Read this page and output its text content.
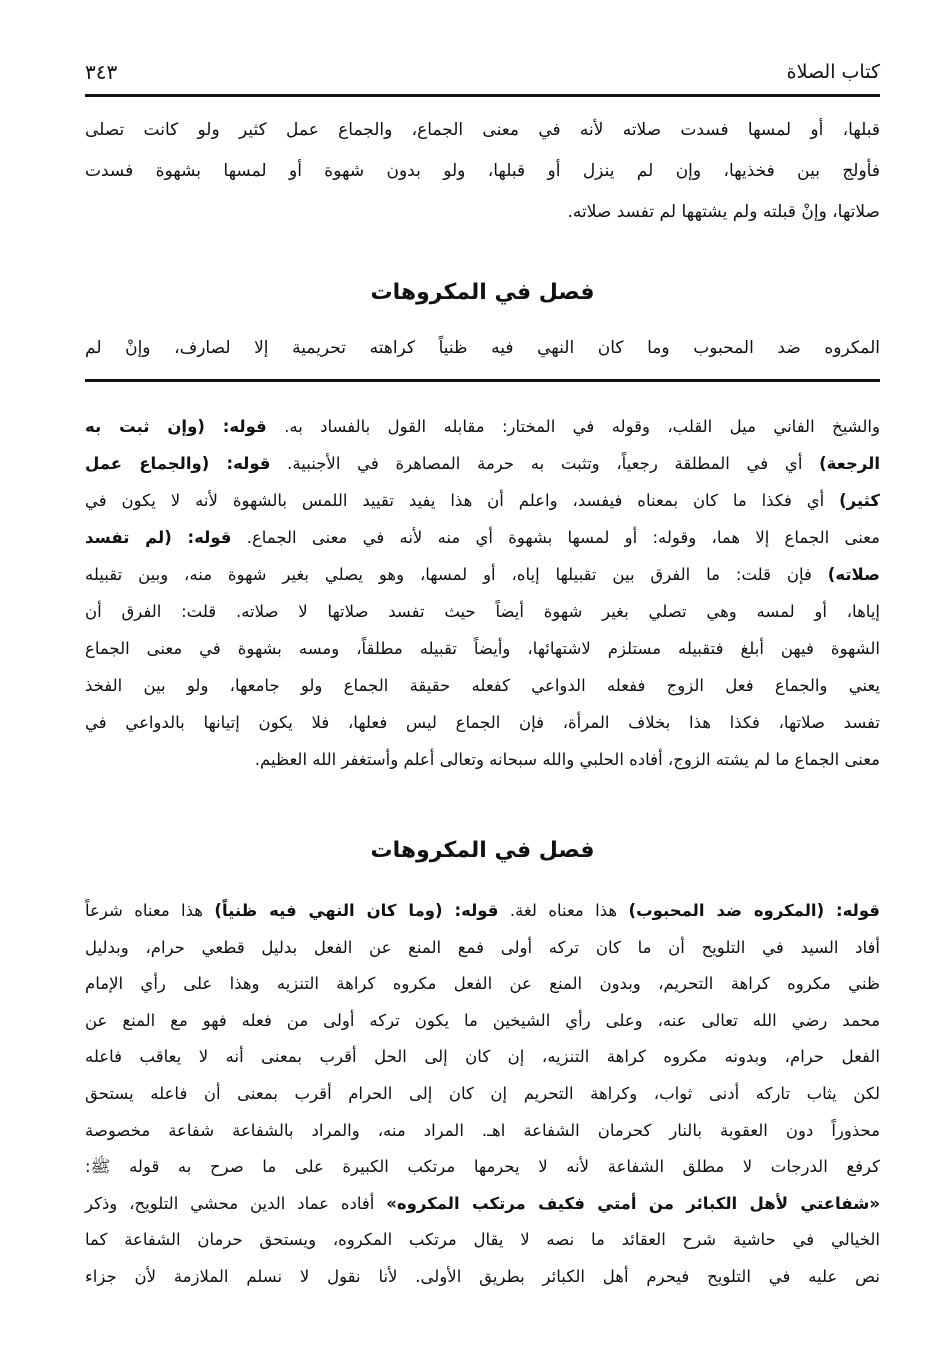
كتاب الصلاة
٣٤٣
قبلها، أو لمسها فسدت صلاته لأنه في معنى الجماع، والجماع عمل كثير ولو كانت تصلى
فأولج بين فخذيها، وإن لم ينزل أو قبلها، ولو بدون شهوة أو لمسها بشهوة فسدت
صلاتها، وإنْ قبلته ولم يشتهها لم تفسد صلاته.
فصل في المكروهات
المكروه ضد المحبوب وما كان النهي فيه ظنياً كراهته تحريمية إلا لصارف، وإنْ لم
والشيخ الفاني ميل القلب، وقوله في المختار: مقابله القول بالفساد به. قوله: (وإن ثبت به
الرجعة) أي في المطلقة رجعياً، وتثبت به حرمة المصاهرة في الأجنبية. قوله: (والجماع عمل
كثير) أي فكذا ما كان بمعناه فيفسد، واعلم أن هذا يفيد تقييد اللمس بالشهوة لأنه لا يكون في
معنى الجماع إلا هما، وقوله: أو لمسها بشهوة أي منه لأنه في معنى الجماع. قوله: (لم تفسد
صلاته) فإن قلت: ما الفرق بين تقبيلها إياه، أو لمسها، وهو يصلي بغير شهوة منه، وبين تقبيله
إياها، أو لمسه وهي تصلي بغير شهوة أيضاً حيث تفسد صلاتها لا صلاته. قلت: الفرق أن
الشهوة فيهن أبلغ فتقبيله مستلزم لاشتهائها، وأيضاً تقبيله مطلقاً، ومسه بشهوة في معنى الجماع
يعني والجماع فعل الزوج ففعله الدواعي كفعله حقيقة الجماع ولو جامعها، ولو بين الفخذ
تفسد صلاتها، فكذا هذا بخلاف المرأة، فإن الجماع ليس فعلها، فلا يكون إتيانها بالدواعي في
معنى الجماع ما لم يشته الزوج، أفاده الحلبي والله سبحانه وتعالى أعلم وأستغفر الله العظيم.
فصل في المكروهات
قوله: (المكروه ضد المحبوب) هذا معناه لغة. قوله: (وما كان النهي فيه ظنياً) هذا معناه شرعاً
أفاد السيد في التلويح أن ما كان تركه أولى فمع المنع عن الفعل بدليل قطعي حرام، وبدليل
ظني مكروه كراهة التحريم، وبدون المنع عن الفعل مكروه كراهة التنزيه وهذا على رأي الإمام
محمد رضي الله تعالى عنه، وعلى رأي الشيخين ما يكون تركه أولى من فعله فهو مع المنع عن
الفعل حرام، وبدونه مكروه كراهة التنزيه، إن كان إلى الحل أقرب بمعنى أنه لا يعاقب فاعله
لكن يثاب تاركه أدنى ثواب، وكراهة التحريم إن كان إلى الحرام أقرب بمعنى أن فاعله يستحق
محذوراً دون العقوبة بالنار كحرمان الشفاعة اهـ. المراد منه، والمراد بالشفاعة شفاعة مخصوصة
كرفع الدرجات لا مطلق الشفاعة لأنه لا يحرمها مرتكب الكبيرة على ما صرح به قوله ﷺ:
«شفاعتي لأهل الكبائر من أمتي فكيف مرتكب المكروه» أفاده عماد الدين محشي التلويح، وذكر
الخيالي في حاشية شرح العقائد ما نصه لا يقال مرتكب المكروه، ويستحق حرمان الشفاعة كما
نص عليه في التلويح فيحرم أهل الكبائر بطريق الأولى. لأنا نقول لا نسلم الملازمة لأن جزاء
